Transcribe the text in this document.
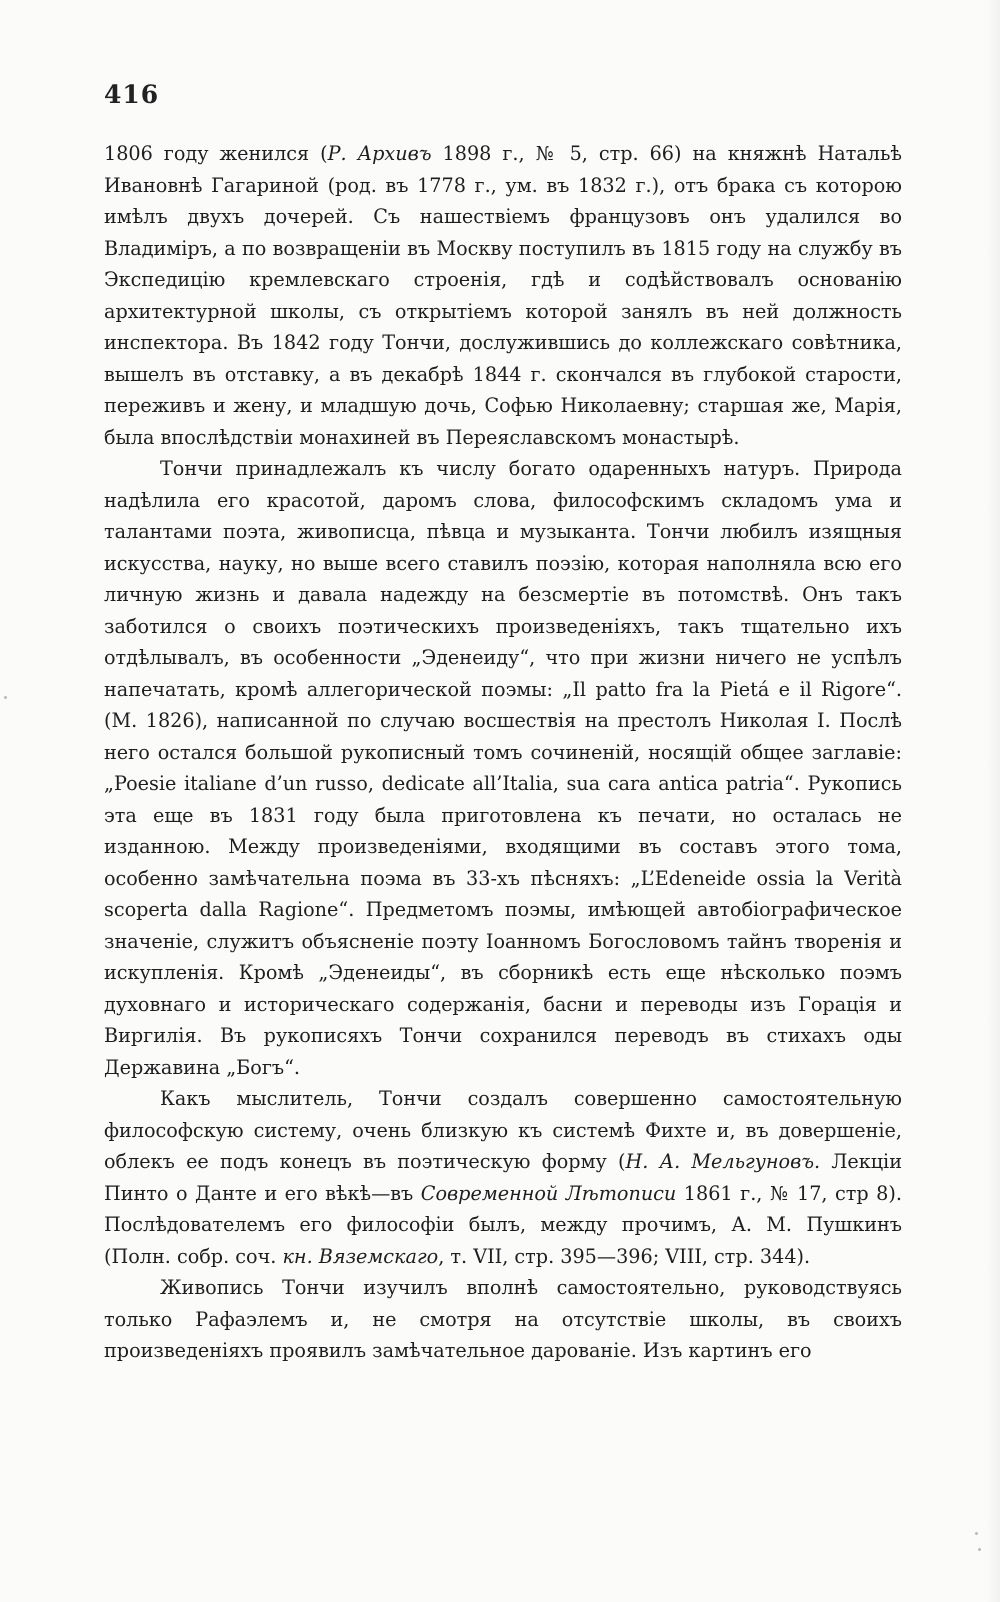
416

1806 году женился (Р. Архивъ 1898 г., № 5, стр. 66) на княжнѣ Натальѣ Ивановнѣ Гагариной (род. въ 1778 г., ум. въ 1832 г.), отъ брака съ которою имѣлъ двухъ дочерей. Съ нашествіемъ французовъ онъ удалился во Владиміръ, а по возвращеніи въ Москву поступилъ въ 1815 году на службу въ Экспедицію кремлевскаго строенія, гдѣ и содѣйствовалъ основанію архитектурной школы, съ открытіемъ которой занялъ въ ней должность инспектора. Въ 1842 году Тончи, дослужившись до коллежскаго совѣтника, вышелъ въ отставку, а въ декабрѣ 1844 г. скончался въ глубокой старости, переживъ и жену, и младшую дочь, Софью Николаевну; старшая же, Марія, была впослѣдствіи монахиней въ Переяславскомъ монастырѣ.

Тончи принадлежалъ къ числу богато одаренныхъ натуръ. Природа надѣлила его красотой, даромъ слова, философскимъ складомъ ума и талантами поэта, живописца, пѣвца и музыканта. Тончи любилъ изящныя искусства, науку, но выше всего ставилъ поэзію, которая наполняла всю его личную жизнь и давала надежду на безсмертіе въ потомствѣ. Онъ такъ заботился о своихъ поэтическихъ произведеніяхъ, такъ тщательно ихъ отдѣлывалъ, въ особенности „Эденеиду“, что при жизни ничего не успѣлъ напечатать, кромѣ аллегорической поэмы: „Il patto fra la Pietá e il Rigore“. (М. 1826), написанной по случаю восшествія на престолъ Николая I. Послѣ него остался большой рукописный томъ сочиненій, носящій общее заглавіе: „Poesie italiane d’un russo, dedicate all’Italia, sua cara antica patria“. Рукопись эта еще въ 1831 году была приготовлена къ печати, но осталась не изданною. Между произведеніями, входящими въ составъ этого тома, особенно замѣчательна поэма въ 33-хъ пѣсняхъ: „L’Edeneide ossia la Verità scoperta dalla Ragione“. Предметомъ поэмы, имѣющей автобіографическое значеніе, служитъ объясненіе поэту Іоанномъ Богословомъ тайнъ творенія и искупленія. Кромѣ „Эденеиды“, въ сборникѣ есть еще нѣсколько поэмъ духовнаго и историческаго содержанія, басни и переводы изъ Горація и Виргилія. Въ рукописяхъ Тончи сохранился переводъ въ стихахъ оды Державина „Богъ“.

Какъ мыслитель, Тончи создалъ совершенно самостоятельную философскую систему, очень близкую къ системѣ Фихте и, въ довершеніе, облекъ ее подъ конецъ въ поэтическую форму (Н. А. Мельгуновъ. Лекціи Пинто о Данте и его вѣкѣ—въ Современной Лѣтописи 1861 г., № 17, стр 8). Послѣдователемъ его философіи былъ, между прочимъ, А. М. Пушкинъ (Полн. собр. соч. кн. Вяземскаго, т. VII, стр. 395—396; VIII, стр. 344).

Живопись Тончи изучилъ вполнѣ самостоятельно, руководствуясь только Рафаэлемъ и, не смотря на отсутствіе школы, въ своихъ произведеніяхъ проявилъ замѣчательное дарованіе. Изъ картинъ его
